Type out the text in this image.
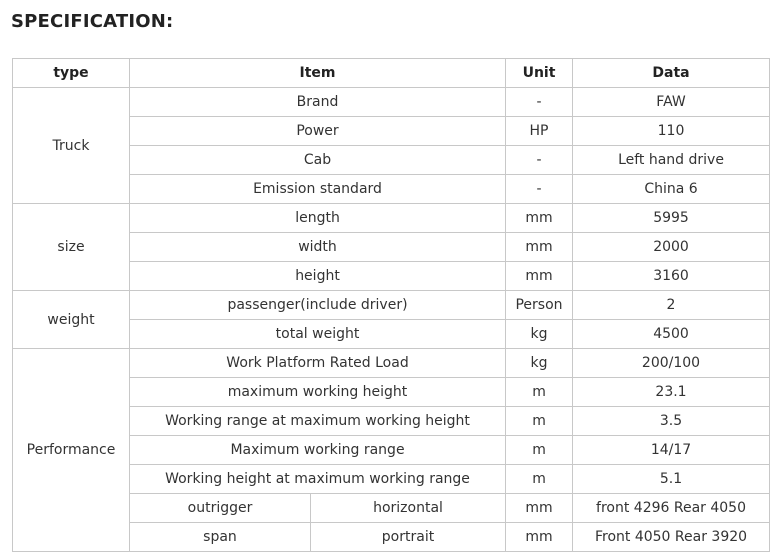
SPECIFICATION:
type	Item		Unit	Data
Truck	Brand		-	FAW
	Power		HP	110
	Cab		-	Left hand drive
	Emission standard		-	China 6
size	length		mm	5995
	width		mm	2000
	height		mm	3160
weight	passenger(include driver)		Person	2
	total weight		kg	4500
Performance	Work Platform Rated Load		kg	200/100
	maximum working height		m	23.1
	Working range at maximum working height		m	3.5
	Maximum working range		m	14/17
	Working height at maximum working range		m	5.1
	outrigger	horizontal	mm	front 4296 Rear 4050
	span	portrait	mm	Front 4050 Rear 3920
